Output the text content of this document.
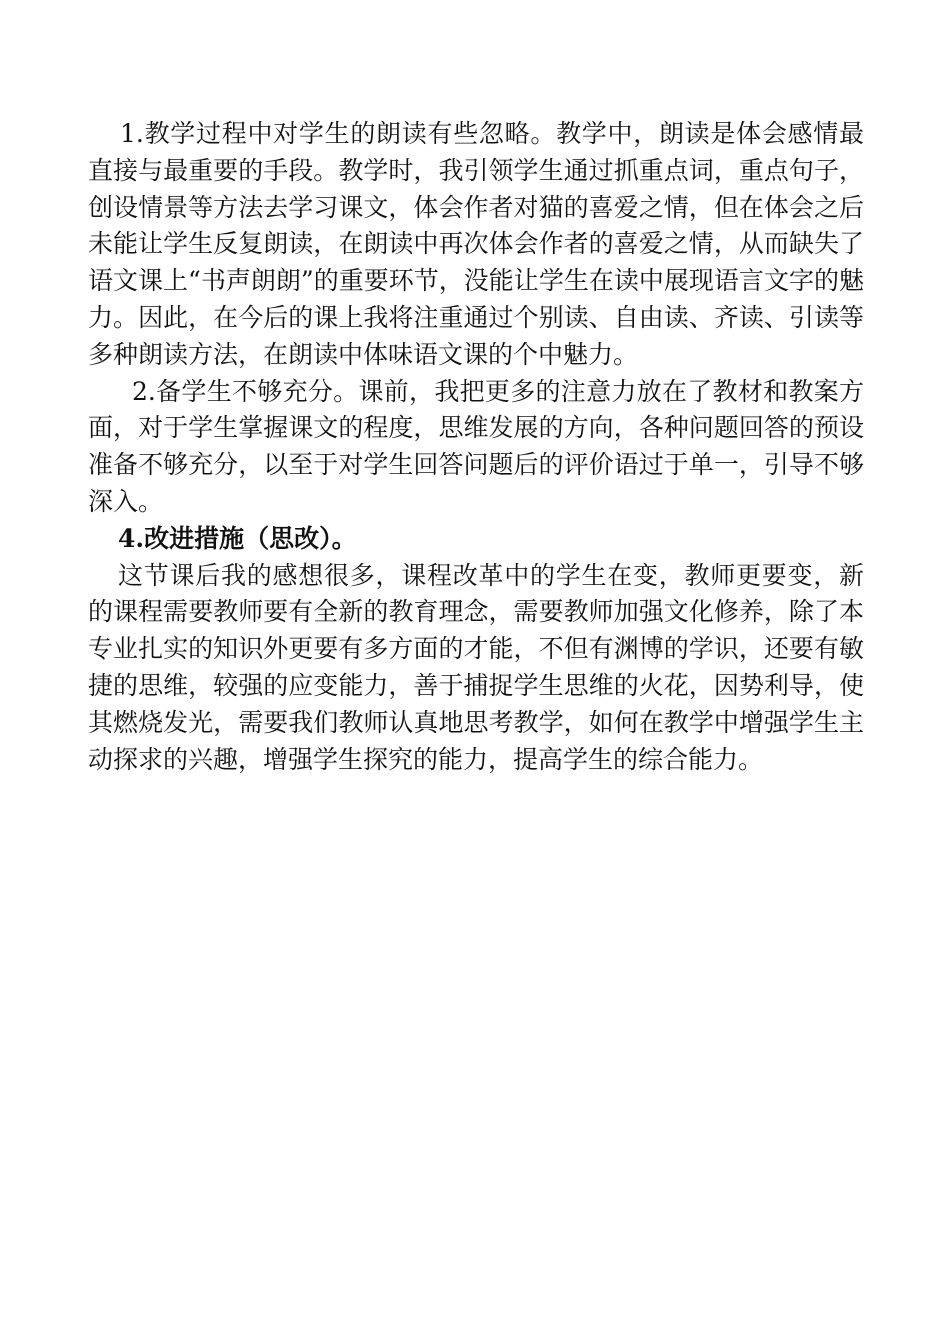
1.教学过程中对学生的朗读有些忽略。教学中，朗读是体会感情最直接与最重要的手段。教学时，我引领学生通过抓重点词，重点句子，创设情景等方法去学习课文，体会作者对猫的喜爱之情，但在体会之后未能让学生反复朗读，在朗读中再次体会作者的喜爱之情，从而缺失了语文课上“书声朗朗”的重要环节，没能让学生在读中展现语言文字的魅力。因此，在今后的课上我将注重通过个别读、自由读、齐读、引读等多种朗读方法，在朗读中体味语文课的个中魅力。

2.备学生不够充分。课前，我把更多的注意力放在了教材和教案方面，对于学生掌握课文的程度，思维发展的方向，各种问题回答的预设准备不够充分，以至于对学生回答问题后的评价语过于单一，引导不够深入。

4.改进措施（思改）。

这节课后我的感想很多，课程改革中的学生在变，教师更要变，新的课程需要教师要有全新的教育理念，需要教师加强文化修养，除了本专业扎实的知识外更要有多方面的才能，不但有渊博的学识，还要有敏捷的思维，较强的应变能力，善于捕捉学生思维的火花，因势利导，使其燃烧发光，需要我们教师认真地思考教学，如何在教学中增强学生主动探求的兴趣，增强学生探究的能力，提高学生的综合能力。
